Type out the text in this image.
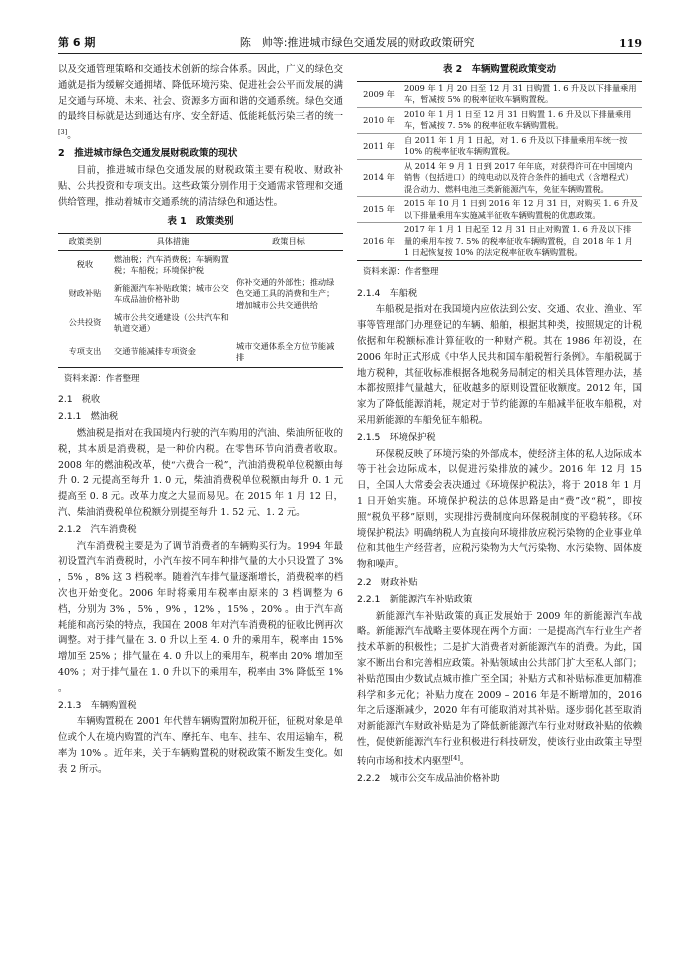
第 6 期	陈　帅等:推进城市绿色交通发展的财政政策研究	119

以及交通管理策略和交通技术创新的综合体系。因此，广义的绿色交通就是指为缓解交通拥堵、降低环境污染、促进社会公平而发展的满足交通与环境、未来、社会、资源多方面和谐的交通系统。绿色交通的最终目标就是达到通达有序、安全舒适、低能耗低污染三者的统一[3]。

2　推进城市绿色交通发展财税政策的现状

目前，推进城市绿色交通发展的财税政策主要有税收、财政补贴、公共投资和专项支出。这些政策分别作用于交通需求管理和交通供给管理，推动着城市交通系统的清洁绿色和通达性。

表 1　政策类别
政策类别	具体措施	政策目标
税收	燃油税；汽车消费税；车辆购置税；车船税；环境保护税	你补交通的外部性；推动绿色交通工具的消费和生产；增加城市公共交通供给
财政补贴	新能源汽车补贴政策；城市公交车成品油价格补助	
公共投资	城市公共交通建设（公共汽车和轨道交通）	
专项支出	交通节能减排专项资金	城市交通体系全方位节能减排
资料来源：作者整理
2.1　税收
2.1.1　燃油税

燃油税是指对在我国境内行驶的汽车购用的汽油、柴油所征收的税，其本质是消费税，是一种价内税。在零售环节向消费者收取。2008 年的燃油税改革，使“六费合一税”，汽油消费税单位税额由每升 0. 2 元提高至每升 1. 0 元，柴油消费税单位税额由每升 0. 1 元提高至 0. 8 元。改革力度之大显而易见。在 2015 年 1 月 12 日，汽、柴油消费税单位税额分别提至每升 1. 52 元、1. 2 元。

2.1.2　汽车消费税

汽车消费税主要是为了调节消费者的车辆购买行为。1994 年最初设置汽车消费税时，小汽车按不同车种排气量的大小只设置了 3% ，5% ，8% 这 3 档税率。随着汽车排气量逐渐增长，消费税率的档次也开始变化。2006 年时将乘用车税率由原来的 3 档调整为 6 档，分别为 3% ，5% ，9% ，12% ，15% ，20% 。由于汽车高耗能和高污染的特点，我国在 2008 年对汽车消费税的征收比例再次调整。对于排气量在 3. 0 升以上至 4. 0 升的乘用车，税率由 15% 增加至 25% ；排气量在 4. 0 升以上的乘用车，税率由 20% 增加至 40% ；对于排气量在 1. 0 升以下的乘用车，税率由 3% 降低至 1% 。

2.1.3　车辆购置税

车辆购置税在 2001 年代替车辆购置附加税开征，征税对象是单位或个人在境内购置的汽车、摩托车、电车、挂车、农用运输车，税率为 10% 。近年来，关于车辆购置税的财税政策不断发生变化。如表 2 所示。

表 2　车辆购置税政策变动
2009 年	2009 年 1 月 20 日至 12 月 31 日购置 1. 6 升及以下排量乘用车，暂减按 5% 的税率征收车辆购置税。
2010 年	2010 年 1 月 1 日至 12 月 31 日购置 1. 6 升及以下排量乘用车，暂减按 7. 5% 的税率征收车辆购置税。
2011 年	自 2011 年 1 月 1 日起，对 1. 6 升及以下排量乘用车统一按 10% 的税率征收车辆购置税。
2014 年	从 2014 年 9 月 1 日到 2017 年年底，对获得许可在中国境内销售（包括进口）的纯电动以及符合条件的插电式（含增程式）混合动力、燃料电池三类新能源汽车，免征车辆购置税。
2015 年	2015 年 10 月 1 日到 2016 年 12 月 31 日，对购买 1. 6 升及以下排量乘用车实施减半征收车辆购置税的优惠政策。
2016 年	2017 年 1 月 1 日起至 12 月 31 日止对购置 1. 6 升及以下排量的乘用车按 7. 5% 的税率征收车辆购置税，自 2018 年 1 月 1 日起恢复按 10% 的法定税率征收车辆购置税。
资料来源：作者整理
2.1.4　车船税

车船税是指对在我国境内应依法到公安、交通、农业、渔业、军事等管理部门办理登记的车辆、船舶，根据其种类，按照规定的计税依据和年税额标准计算征收的一种财产税。其在 1986 年初设，在 2006 年时正式形成《中华人民共和国车船税暂行条例》。车船税属于地方税种，其征收标准根据各地税务局制定的相关具体管理办法，基本都按照排气量越大，征收越多的原则设置征收额度。2012 年，国家为了降低能源消耗，规定对于节约能源的车船减半征收车船税，对采用新能源的车船免征车船税。

2.1.5　环境保护税

环保税反映了环境污染的外部成本，使经济主体的私人边际成本等于社会边际成本，以促进污染排放的减少。2016 年 12 月 15 日，全国人大常委会表决通过《环境保护税法》，将于 2018 年 1 月 1 日开始实施。环境保护税法的总体思路是由“费”改“税”，即按照“税负平移”原则，实现排污费制度向环保税制度的平稳转移。《环境保护税法》明确纳税人为直接向环境排放应税污染物的企业事业单位和其他生产经营者，应税污染物为大气污染物、水污染物、固体废物和噪声。

2.2　财政补贴
2.2.1　新能源汽车补贴政策

新能源汽车补贴政策的真正发展始于 2009 年的新能源汽车战略。新能源汽车战略主要体现在两个方面：一是提高汽车行业生产者技术革新的积极性；二是扩大消费者对新能源汽车的消费。为此，国家不断出台和完善相应政策。补贴领域由公共部门扩大至私人部门；补贴范围由少数试点城市推广至全国；补贴方式和补贴标准更加精准科学和多元化；补贴力度在 2009 – 2016 年是不断增加的，2016 年之后逐渐减少，2020 年有可能取消对其补贴。逐步弱化甚至取消对新能源汽车财政补贴是为了降低新能源汽车行业对财政补贴的依赖性，促使新能源汽车行业积极进行科技研发，使该行业由政策主导型转向市场和技术内驱型[4]。

2.2.2　城市公交车成品油价格补助
